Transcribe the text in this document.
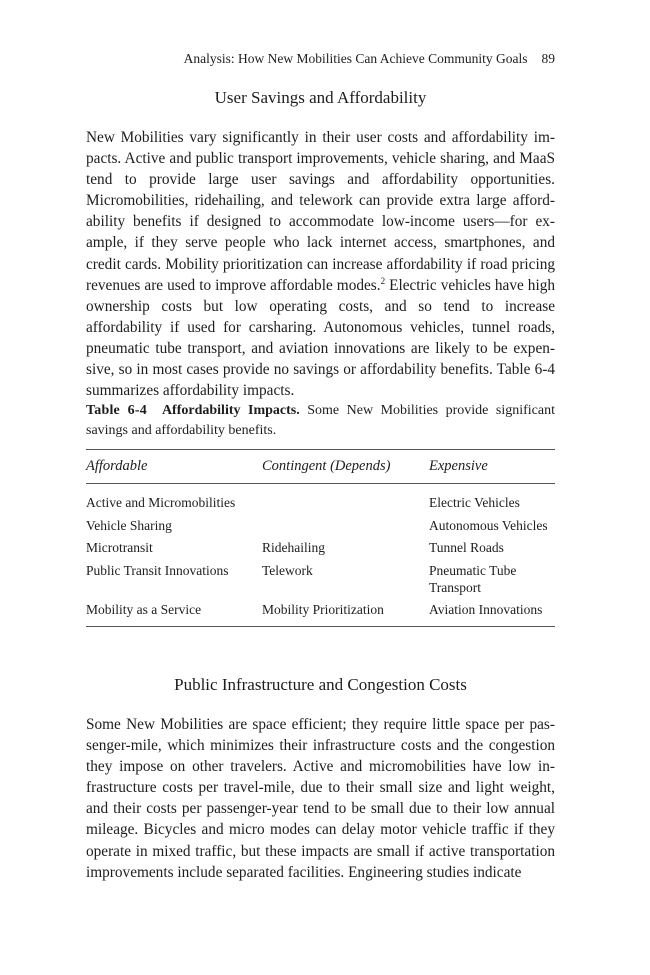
Analysis: How New Mobilities Can Achieve Community Goals 89
User Savings and Affordability

New Mobilities vary significantly in their user costs and affordability impacts. Active and public transport improvements, vehicle sharing, and MaaS tend to provide large user savings and affordability opportunities. Micromobilities, ridehailing, and telework can provide extra large affordability benefits if designed to accommodate low-income users—for example, if they serve people who lack internet access, smartphones, and credit cards. Mobility prioritization can increase affordability if road pricing revenues are used to improve affordable modes.$^2$ Electric vehicles have high ownership costs but low operating costs, and so tend to increase affordability if used for carsharing. Autonomous vehicles, tunnel roads, pneumatic tube transport, and aviation innovations are likely to be expensive, so in most cases provide no savings or affordability benefits. Table 6-4 summarizes affordability impacts.

Table 6-4 Affordability Impacts. Some New Mobilities provide significant savings and affordability benefits.

Affordable	Contingent (Depends)	Expensive
Active and Micromobilities		Electric Vehicles
Vehicle Sharing		Autonomous Vehicles
Microtransit	Ridehailing	Tunnel Roads
Public Transit Innovations	Telework	Pneumatic Tube Transport
Mobility as a Service	Mobility Prioritization	Aviation Innovations
Public Infrastructure and Congestion Costs

Some New Mobilities are space efficient; they require little space per passenger-mile, which minimizes their infrastructure costs and the congestion they impose on other travelers. Active and micromobilities have low infrastructure costs per travel-mile, due to their small size and light weight, and their costs per passenger-year tend to be small due to their low annual mileage. Bicycles and micro modes can delay motor vehicle traffic if they operate in mixed traffic, but these impacts are small if active transportation improvements include separated facilities. Engineering studies indicate
